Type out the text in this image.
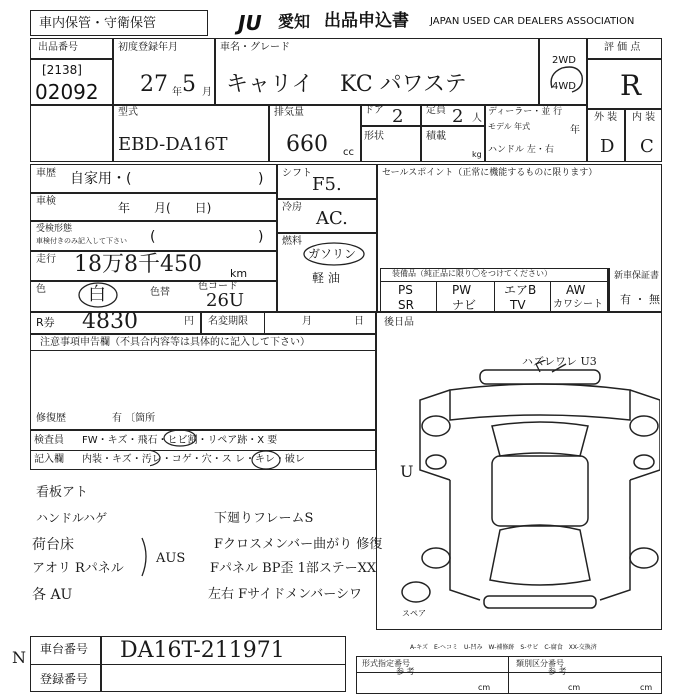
車内保管・守衛保管	JU 愛知 出品申込書 JAPAN USED CAR DEALERS ASSOCIATION
出品番号
[2138]
02092
初度登録年月
27 年 5 月
車名・グレード
キャリイ KC パワステ
2WD
4WD
評 価 点
R
外 装 内 装
D C
型式
EBD-DA16T
排気量
660 cc
ドア 2
形状
定員 2 人
積載
kg
ディーラー・並 行
モデル 年式	年
ハンドル 左・右
車歴 自家用・(	)
車検	年　　月(　　日)
受検形態
車検付きのみ記入して下さい (	)
走行 18万8千450	km
色 白	色替
色コード
26U
シフト
F5.
冷房
AC.
燃料
ガソリン
軽 油
セールスポイント（正常に機能するものに限ります）
装備品（純正品に限り〇をつけてください）
PS	PW	エアB AW
SR	ナビ	TV	カワシート
新車保証書
有 ・ 無
R券 4830	円 名変期限	月	日 後日品
注意事項申告欄（不具合内容等は具体的に記入して下さい）
修復歴	有 〔箇所
検査員
記入欄
FW・キズ・飛石・ヒビ割・リペア跡・X 要
内装・キズ・汚レ・コゲ・穴・ス レ・キレ・破レ
看板アト
ハンドルハゲ
荷台床
アオリ Rパネル
各 AU
AUS
下廻りフレームS
Fクロスメンバー曲がり 修復
Fパネル BP歪 1部ステーXX
左右 Fサイドメンバーシワ
ハズレワレ U3
U
スペア
車台番号 DA16T-211971
登録番号
N
A-キズ　E-ヘコミ　U-凹み　W-補修跡　S-サビ　C-腐食　XX-交換済
形式指定番号	類別区分番号
参 考	参 考
cm	cm	cm
